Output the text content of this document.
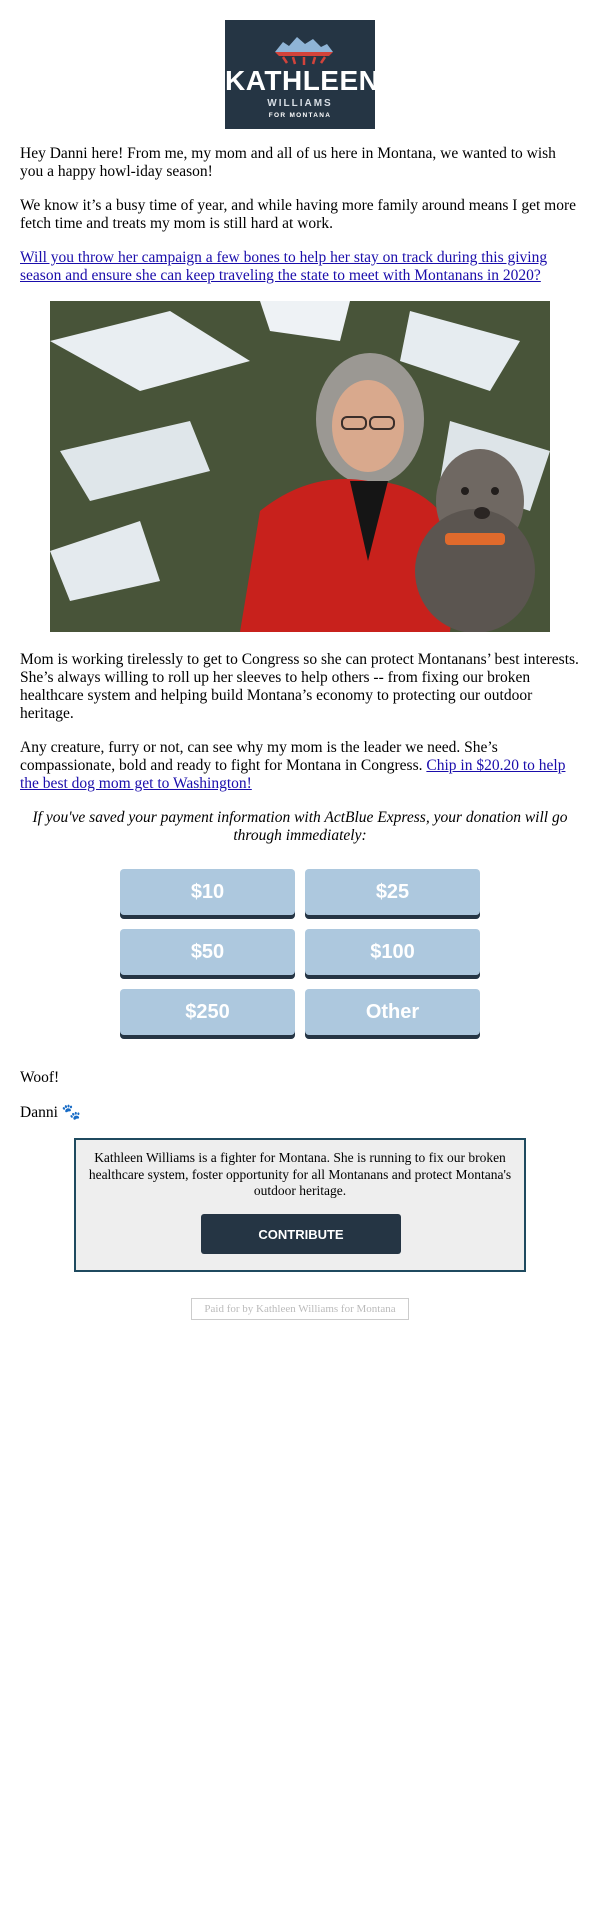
KATHLEEN
WILLIAMS
FOR MONTANA

Hey Danni here! From me, my mom and all of us here in Montana, we wanted to wish you a happy howl-iday season!

We know it’s a busy time of year, and while having more family around means I get more fetch time and treats my mom is still hard at work.

Will you throw her campaign a few bones to help her stay on track during this giving season and ensure she can keep traveling the state to meet with Montanans in 2020?

Mom is working tirelessly to get to Congress so she can protect Montanans’ best interests. She’s always willing to roll up her sleeves to help others -- from fixing our broken healthcare system and helping build Montana’s economy to protecting our outdoor heritage.

Any creature, furry or not, can see why my mom is the leader we need. She’s compassionate, bold and ready to fight for Montana in Congress. Chip in $20.20 to help the best dog mom get to Washington!

If you've saved your payment information with ActBlue Express, your donation will go through immediately:

$10	$25
$50	$100
$250	Other

Woof!

Danni 🐾

Kathleen Williams is a fighter for Montana. She is running to fix our broken healthcare system, foster opportunity for all Montanans and protect Montana's outdoor heritage.
CONTRIBUTE
Paid for by Kathleen Williams for Montana
